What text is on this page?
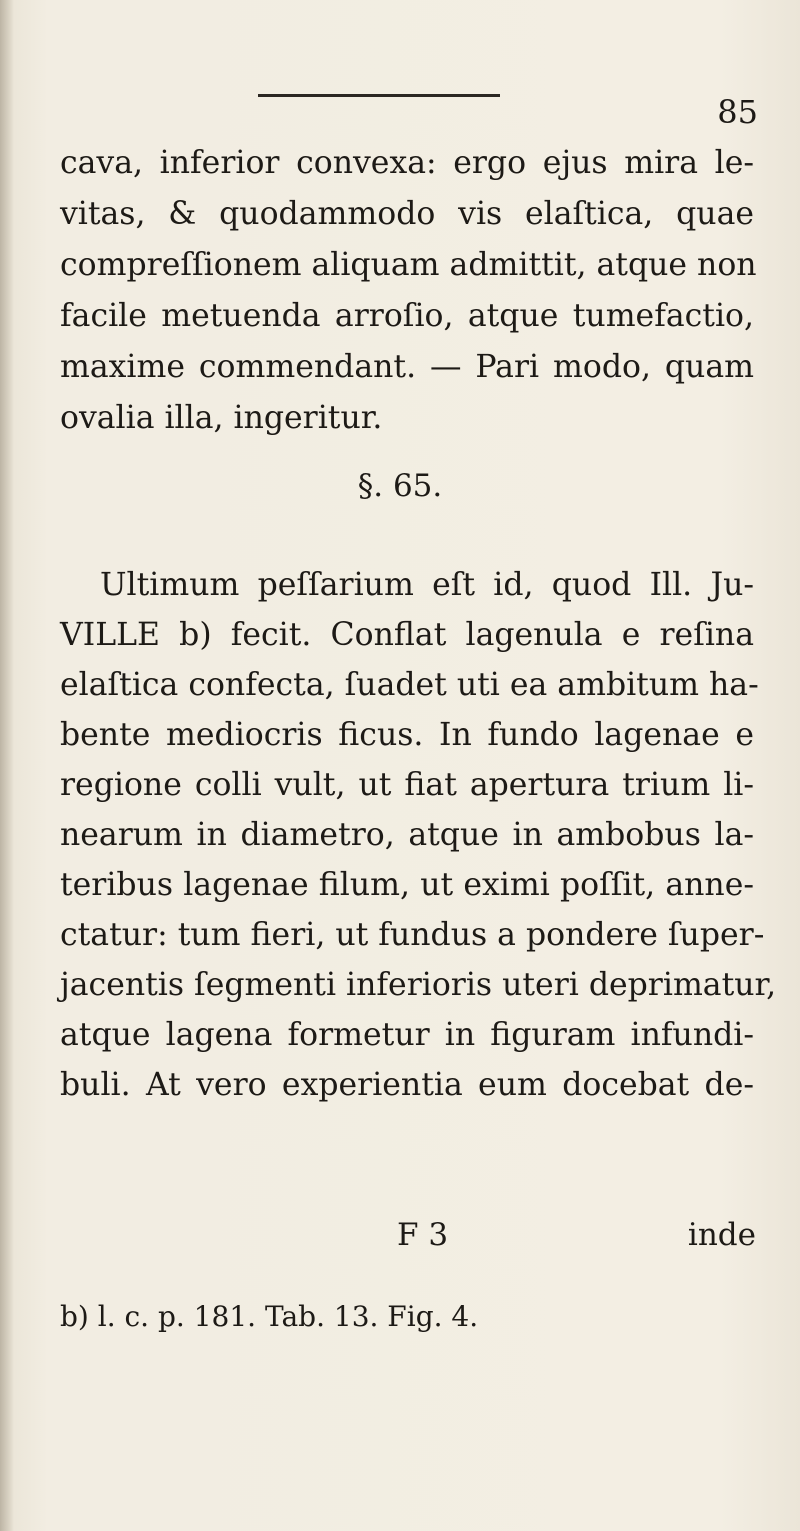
85
cava, inferior convexa: ergo ejus mira le-
vitas, & quodammodo vis elaſtica, quae
compreſſionem aliquam admittit, atque non
facile metuenda arroſio, atque tumefactio,
maxime commendant. — Pari modo, quam
ovalia illa, ingeritur.
§. 65.
Ultimum peſſarium eſt id, quod Ill. Ju-
VILLE b) fecit. Conflat lagenula e reſina
elaſtica confecta, ſuadet uti ea ambitum ha-
bente mediocris ficus. In fundo lagenae e
regione colli vult, ut fiat apertura trium li-
nearum in diametro, atque in ambobus la-
teribus lagenae filum, ut eximi poſſit, anne-
ctatur: tum fieri, ut fundus a pondere ſuper-
jacentis ſegmenti inferioris uteri deprimatur,
atque lagena formetur in figuram infundi-
buli. At vero experientia eum docebat de-
F 3	inde
b) l. c. p. 181. Tab. 13. Fig. 4.
